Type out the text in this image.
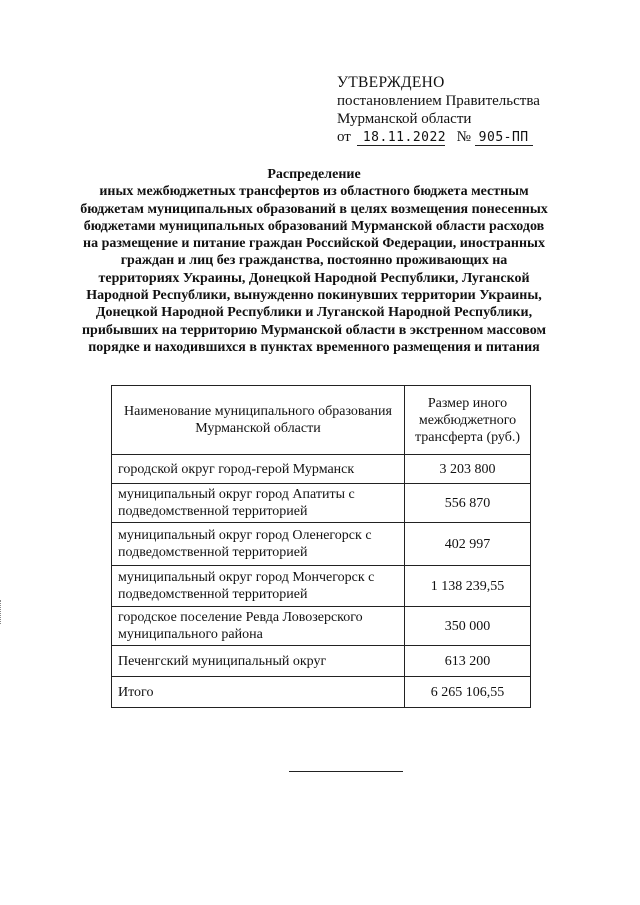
УТВЕРЖДЕНО
постановлением Правительства
Мурманской области
от 18.11.2022 № 905-ПП
Распределение
иных межбюджетных трансфертов из областного бюджета местным бюджетам муниципальных образований в целях возмещения понесенных бюджетами муниципальных образований Мурманской области расходов на размещение и питание граждан Российской Федерации, иностранных граждан и лиц без гражданства, постоянно проживающих на территориях Украины, Донецкой Народной Республики, Луганской Народной Республики, вынужденно покинувших территории Украины, Донецкой Народной Республики и Луганской Народной Республики, прибывших на территорию Мурманской области в экстренном массовом порядке и находившихся в пунктах временного размещения и питания
Наименование муниципального образования Мурманской области	Размер иного межбюджетного трансферта (руб.)
городской округ город-герой Мурманск	3 203 800
муниципальный округ город Апатиты с подведомственной территорией	556 870
муниципальный округ город Оленегорск с подведомственной территорией	402 997
муниципальный округ город Мончегорск с подведомственной территорией	1 138 239,55
городское поселение Ревда Ловозерского муниципального района	350 000
Печенгский муниципальный округ	613 200
Итого	6 265 106,55
